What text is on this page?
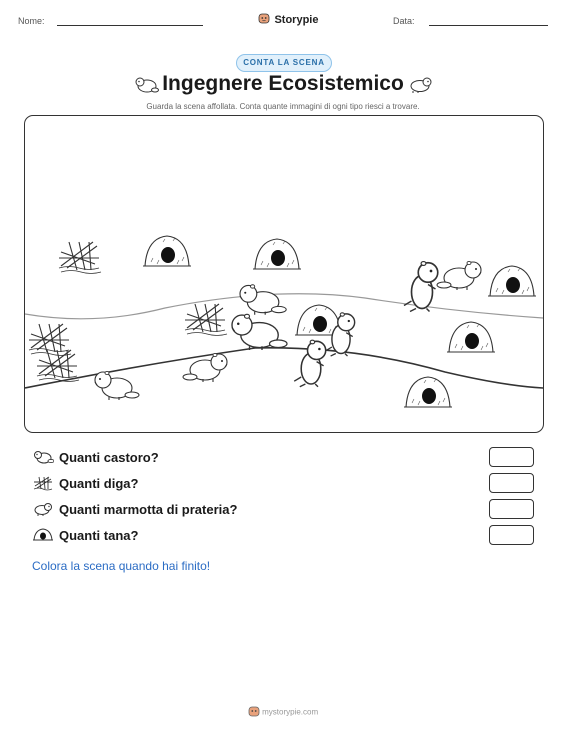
Nome:	Storypie	Data:
CONTA LA SCENA
Ingegnere Ecosistemico
Guarda la scena affollata. Conta quante immagini di ogni tipo riesci a trovare.
Quanti castoro?
Quanti diga?
Quanti marmotta di prateria?
Quanti tana?
Colora la scena quando hai finito!
mystorypie.com
